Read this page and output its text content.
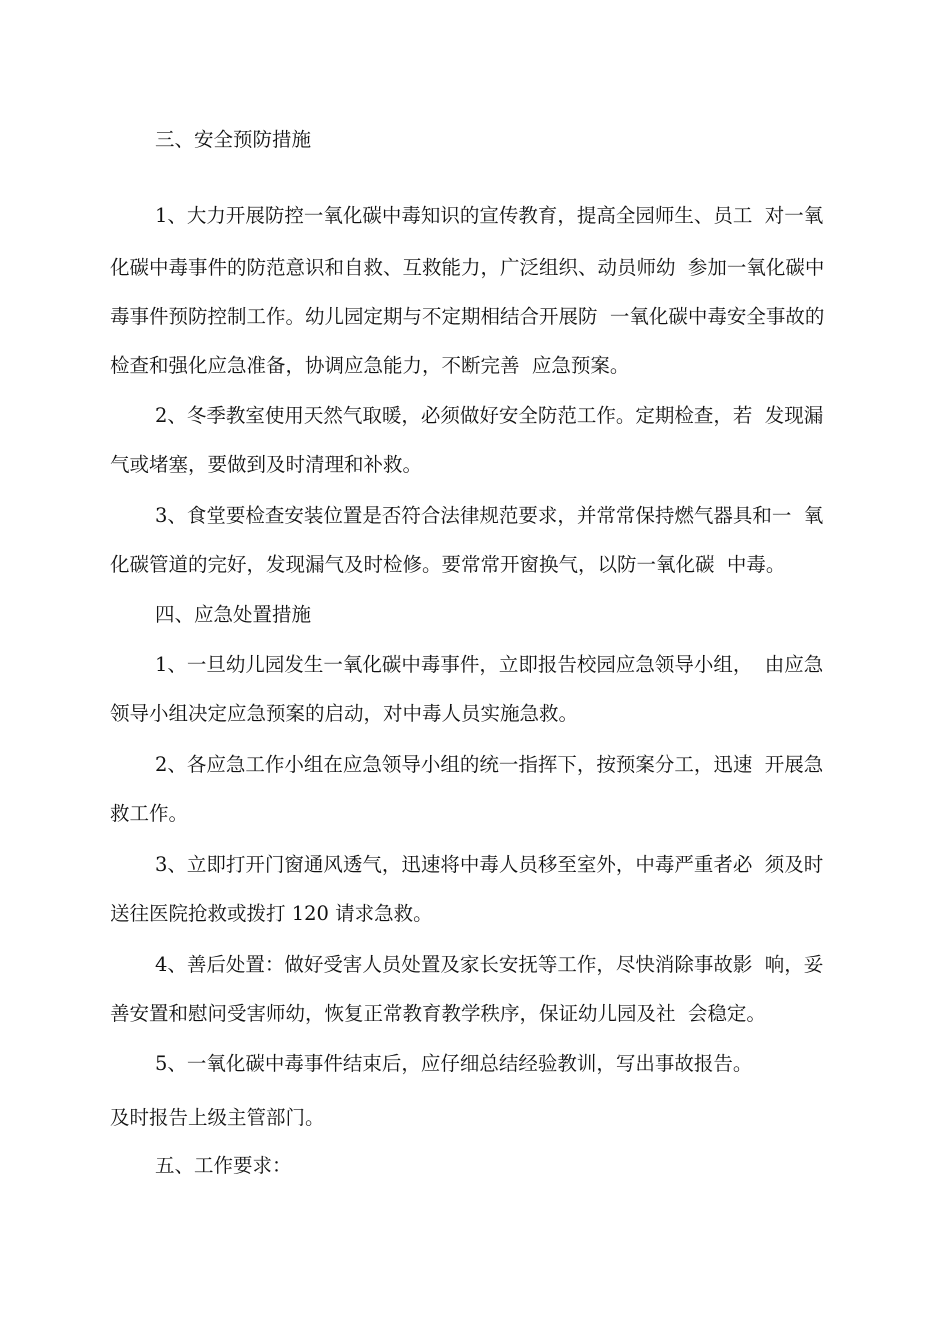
三、安全预防措施

1、大力开展防控一氧化碳中毒知识的宣传教育，提高全园师生、员工  对一氧

化碳中毒事件的防范意识和自救、互救能力，广泛组织、动员师幼  参加一氧化碳中

毒事件预防控制工作。幼儿园定期与不定期相结合开展防  一氧化碳中毒安全事故的

检查和强化应急准备，协调应急能力，不断完善  应急预案。

2、冬季教室使用天然气取暖，必须做好安全防范工作。定期检查，若  发现漏

气或堵塞，要做到及时清理和补救。

3、食堂要检查安装位置是否符合法律规范要求，并常常保持燃气器具和一  氧

化碳管道的完好，发现漏气及时检修。要常常开窗换气，以防一氧化碳  中毒。

四、应急处置措施

1、一旦幼儿园发生一氧化碳中毒事件，立即报告校园应急领导小组，  由应急

领导小组决定应急预案的启动，对中毒人员实施急救。

2、各应急工作小组在应急领导小组的统一指挥下，按预案分工，迅速  开展急

救工作。

3、立即打开门窗通风透气，迅速将中毒人员移至室外，中毒严重者必  须及时

送往医院抢救或拨打 120 请求急救。

4、善后处置：做好受害人员处置及家长安抚等工作，尽快消除事故影  响，妥

善安置和慰问受害师幼，恢复正常教育教学秩序，保证幼儿园及社  会稳定。

5、一氧化碳中毒事件结束后，应仔细总结经验教训，写出事故报告。

及时报告上级主管部门。

五、工作要求：
